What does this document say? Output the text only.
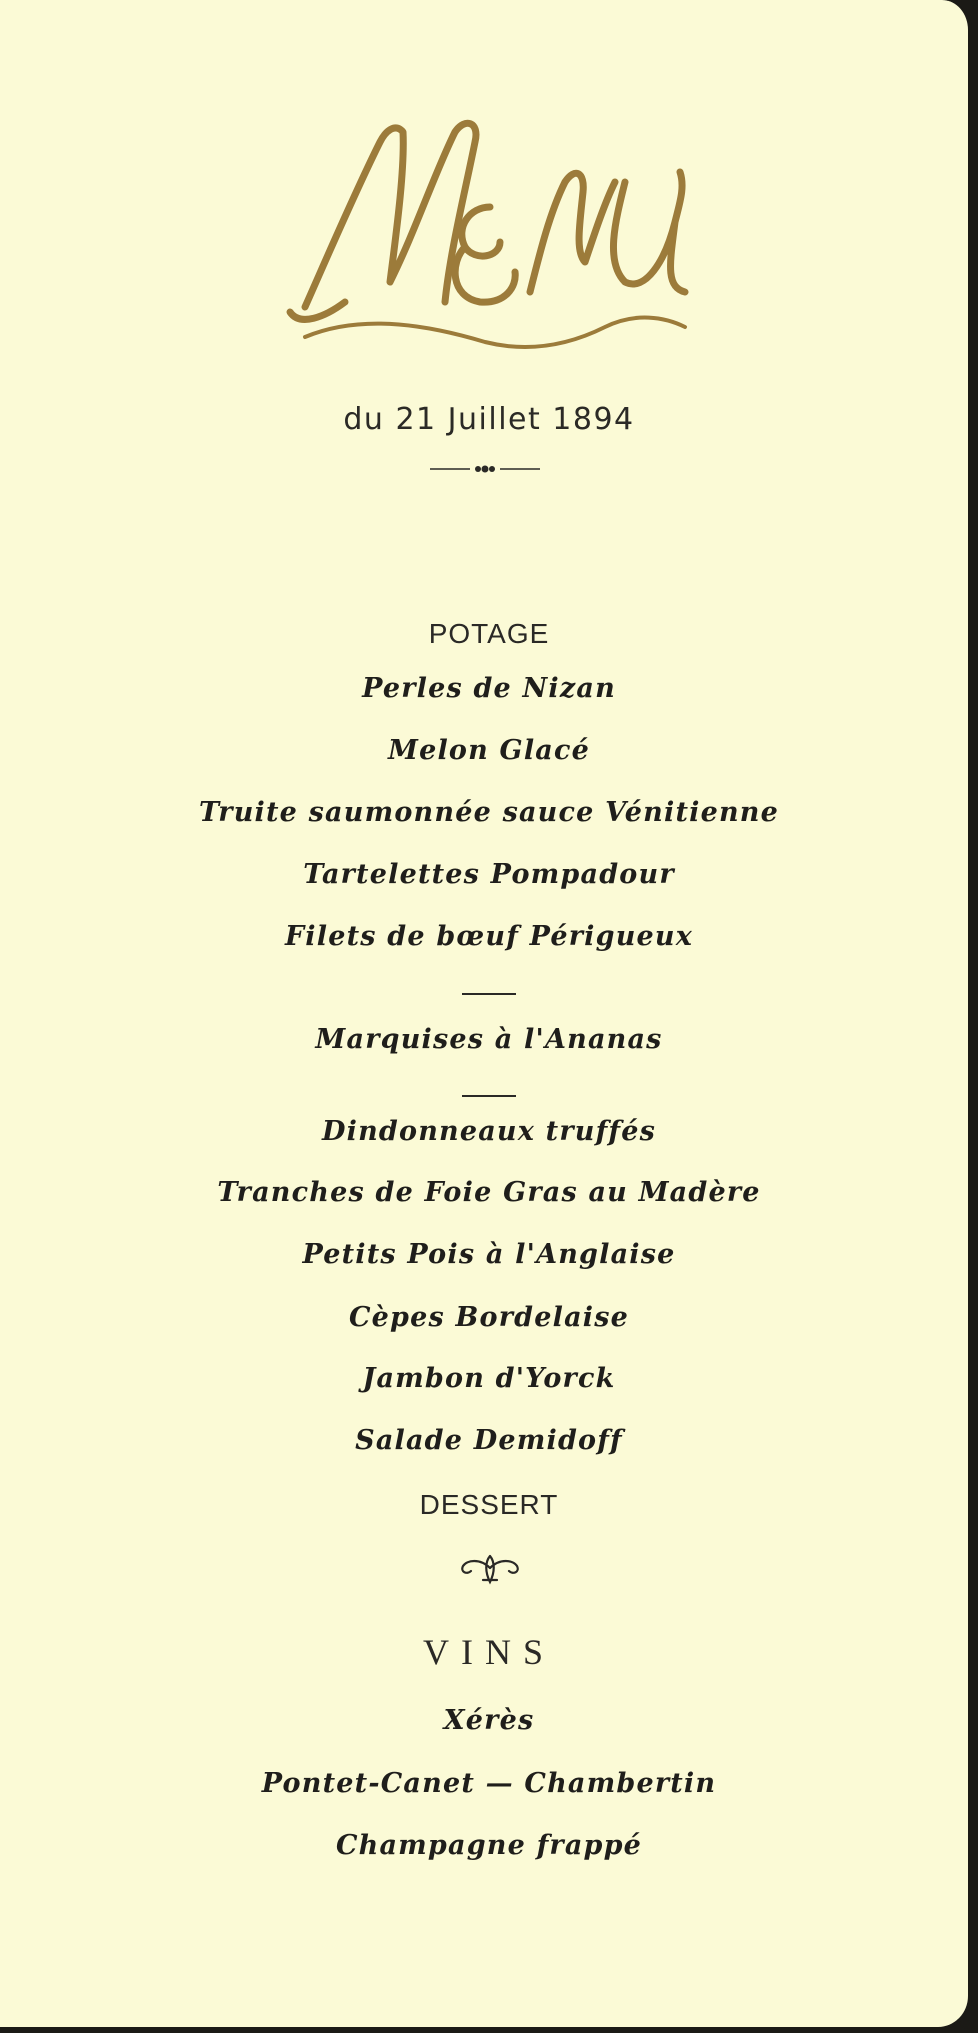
du 21 Juillet 1894
POTAGE
Perles de Nizan
Melon Glacé
Truite saumonnée sauce Vénitienne
Tartelettes Pompadour
Filets de bœuf Périgueux
Marquises à l'Ananas
Dindonneaux truffés
Tranches de Foie Gras au Madère
Petits Pois à l'Anglaise
Cèpes Bordelaise
Jambon d'Yorck
Salade Demidoff
DESSERT
VINS
Xérès
Pontet-Canet — Chambertin
Champagne frappé
